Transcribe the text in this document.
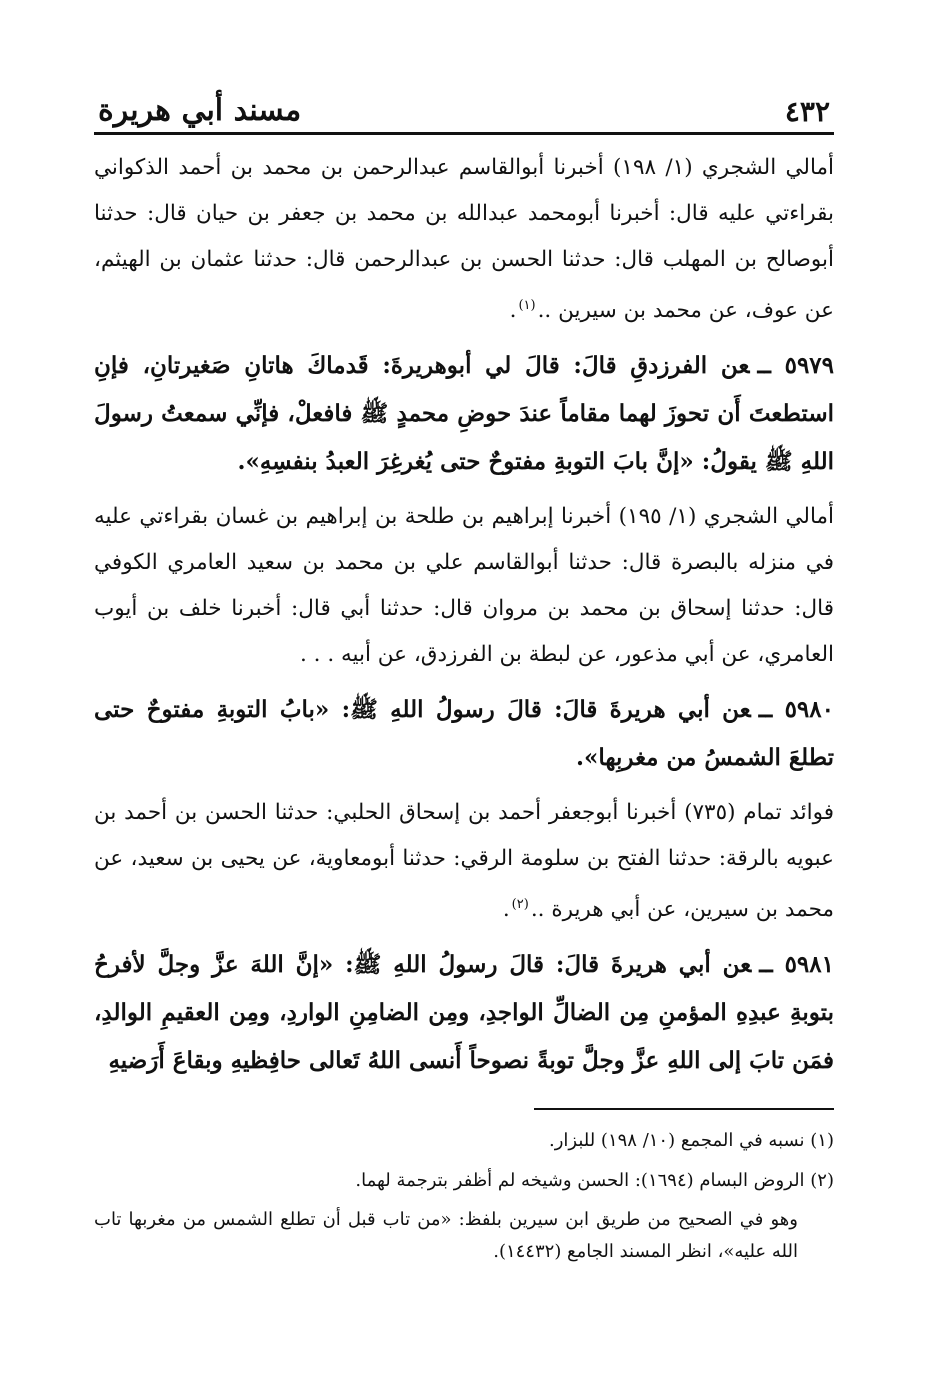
٤٣٢
مسند أبي هريرة

أمالي الشجري (١/ ١٩٨) أخبرنا أبوالقاسم عبدالرحمن بن محمد بن أحمد الذكواني بقراءتي عليه قال: أخبرنا أبومحمد عبدالله بن محمد بن جعفر بن حيان قال: حدثنا أبوصالح بن المهلب قال: حدثنا الحسن بن عبدالرحمن قال: حدثنا عثمان بن الهيثم، عن عوف، عن محمد بن سيرين ..$^{(١)}$.

٥٩٧٩ ــعن الفرزدقِ قالَ: قالَ لي أبوهريرةَ: قَدماكَ هاتانِ صَغيرتانِ، فإنِ استطعتَ أَن تحوزَ لهما مقاماً عندَ حوضِ محمدٍ ﷺ فافعلْ، فإنِّي سمعتُ رسولَ اللهِ ﷺ يقولُ: «إنَّ بابَ التوبةِ مفتوحٌ حتى يُغرغِرَ العبدُ بنفسِهِ».

أمالي الشجري (١/ ١٩٥) أخبرنا إبراهيم بن طلحة بن إبراهيم بن غسان بقراءتي عليه في منزله بالبصرة قال: حدثنا أبوالقاسم علي بن محمد بن سعيد العامري الكوفي قال: حدثنا إسحاق بن محمد بن مروان قال: حدثنا أبي قال: أخبرنا خلف بن أيوب العامري، عن أبي مذعور، عن لبطة بن الفرزدق، عن أبيه . . .

٥٩٨٠ ــعن أبي هريرةَ قالَ: قالَ رسولُ اللهِ ﷺ: «بابُ التوبةِ مفتوحٌ حتى تطلعَ الشمسُ من مغربِها».

فوائد تمام (٧٣٥) أخبرنا أبوجعفر أحمد بن إسحاق الحلبي: حدثنا الحسن بن أحمد بن عبويه بالرقة: حدثنا الفتح بن سلومة الرقي: حدثنا أبومعاوية، عن يحيى بن سعيد، عن محمد بن سيرين، عن أبي هريرة ..$^{(٢)}$.

٥٩٨١ ــعن أبي هريرةَ قالَ: قالَ رسولُ اللهِ ﷺ: «إنَّ اللهَ عزَّ وجلَّ لأفرحُ بتوبةِ عبدِهِ المؤمنِ مِن الضالِّ الواجدِ، ومِن الضامِنِ الواردِ، ومِن العقيمِ الوالدِ، فمَن تابَ إلى اللهِ عزَّ وجلَّ توبةً نصوحاً أَنسى اللهُ تَعالى حافِظيهِ وبقاعَ أَرَضيهِ

(١) نسبه في المجمع (١٠/ ١٩٨) للبزار.

(٢) الروض البسام (١٦٩٤): الحسن وشيخه لم أظفر بترجمة لهما.

وهو في الصحيح من طريق ابن سيرين بلفظ: «من تاب قبل أن تطلع الشمس من مغربها تاب الله عليه»، انظر المسند الجامع (١٤٤٣٢).
